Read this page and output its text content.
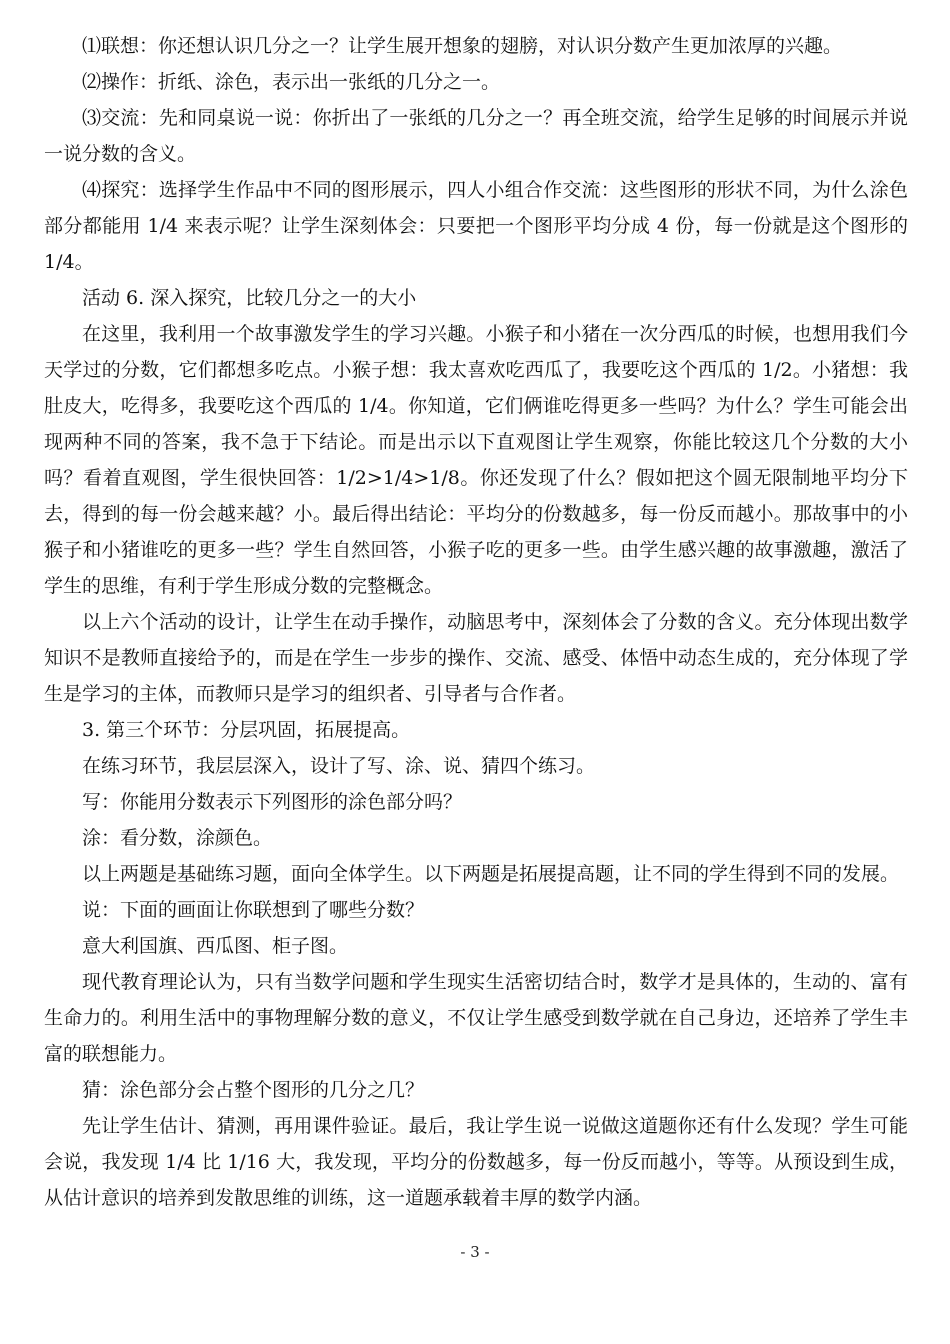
⑴联想：你还想认识几分之一？让学生展开想象的翅膀，对认识分数产生更加浓厚的兴趣。

⑵操作：折纸、涂色，表示出一张纸的几分之一。

⑶交流：先和同桌说一说：你折出了一张纸的几分之一？再全班交流，给学生足够的时间展示并说一说分数的含义。

⑷探究：选择学生作品中不同的图形展示，四人小组合作交流：这些图形的形状不同，为什么涂色部分都能用 1/4 来表示呢？让学生深刻体会：只要把一个图形平均分成 4 份，每一份就是这个图形的 1/4。

活动 6. 深入探究，比较几分之一的大小

在这里，我利用一个故事激发学生的学习兴趣。小猴子和小猪在一次分西瓜的时候，也想用我们今天学过的分数，它们都想多吃点。小猴子想：我太喜欢吃西瓜了，我要吃这个西瓜的 1/2。小猪想：我肚皮大，吃得多，我要吃这个西瓜的 1/4。你知道，它们俩谁吃得更多一些吗？为什么？学生可能会出现两种不同的答案，我不急于下结论。而是出示以下直观图让学生观察，你能比较这几个分数的大小吗？看着直观图，学生很快回答：1/2>1/4>1/8。你还发现了什么？假如把这个圆无限制地平均分下去，得到的每一份会越来越？小。最后得出结论：平均分的份数越多，每一份反而越小。那故事中的小猴子和小猪谁吃的更多一些？学生自然回答，小猴子吃的更多一些。由学生感兴趣的故事激趣，激活了学生的思维，有利于学生形成分数的完整概念。

以上六个活动的设计，让学生在动手操作，动脑思考中，深刻体会了分数的含义。充分体现出数学知识不是教师直接给予的，而是在学生一步步的操作、交流、感受、体悟中动态生成的，充分体现了学生是学习的主体，而教师只是学习的组织者、引导者与合作者。

3. 第三个环节：分层巩固，拓展提高。

在练习环节，我层层深入，设计了写、涂、说、猜四个练习。

写：你能用分数表示下列图形的涂色部分吗？

涂：看分数，涂颜色。

以上两题是基础练习题，面向全体学生。以下两题是拓展提高题，让不同的学生得到不同的发展。

说：下面的画面让你联想到了哪些分数？

意大利国旗、西瓜图、柜子图。

现代教育理论认为，只有当数学问题和学生现实生活密切结合时，数学才是具体的，生动的、富有生命力的。利用生活中的事物理解分数的意义，不仅让学生感受到数学就在自己身边，还培养了学生丰富的联想能力。

猜：涂色部分会占整个图形的几分之几？

先让学生估计、猜测，再用课件验证。最后，我让学生说一说做这道题你还有什么发现？学生可能会说，我发现 1/4 比 1/16 大，我发现，平均分的份数越多，每一份反而越小，等等。从预设到生成，从估计意识的培养到发散思维的训练，这一道题承载着丰厚的数学内涵。

- 3 -
